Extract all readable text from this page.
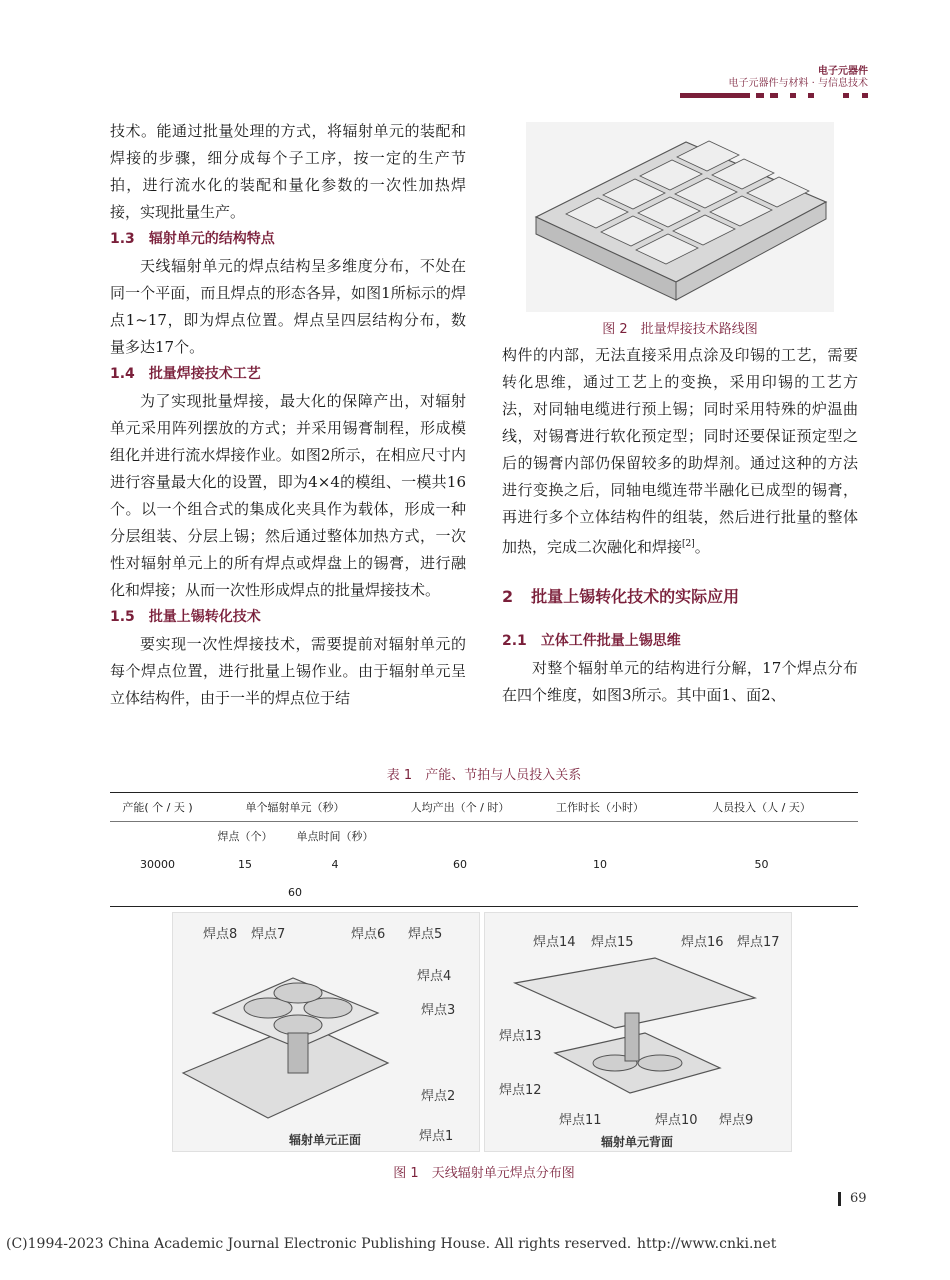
电子元器件
电子元器件与材料 · 与信息技术

技术。能通过批量处理的方式，将辐射单元的装配和焊接的步骤，细分成每个子工序，按一定的生产节拍，进行流水化的装配和量化参数的一次性加热焊接，实现批量生产。

1.3 辐射单元的结构特点

天线辐射单元的焊点结构呈多维度分布，不处在同一个平面，而且焊点的形态各异，如图1所标示的焊点1~17，即为焊点位置。焊点呈四层结构分布，数量多达17个。

1.4 批量焊接技术工艺

为了实现批量焊接，最大化的保障产出，对辐射单元采用阵列摆放的方式；并采用锡膏制程，形成模组化并进行流水焊接作业。如图2所示，在相应尺寸内进行容量最大化的设置，即为4×4的模组、一模共16个。以一个组合式的集成化夹具作为载体，形成一种分层组装、分层上锡；然后通过整体加热方式，一次性对辐射单元上的所有焊点或焊盘上的锡膏，进行融化和焊接；从而一次性形成焊点的批量焊接技术。

1.5 批量上锡转化技术

要实现一次性焊接技术，需要提前对辐射单元的每个焊点位置，进行批量上锡作业。由于辐射单元呈立体结构件，由于一半的焊点位于结

图 2　批量焊接技术路线图

构件的内部，无法直接采用点涂及印锡的工艺，需要转化思维，通过工艺上的变换，采用印锡的工艺方法，对同轴电缆进行预上锡；同时采用特殊的炉温曲线，对锡膏进行软化预定型；同时还要保证预定型之后的锡膏内部仍保留较多的助焊剂。通过这种的方法进行变换之后，同轴电缆连带半融化已成型的锡膏，再进行多个立体结构件的组装，然后进行批量的整体加热，完成二次融化和焊接[2]。

2 批量上锡转化技术的实际应用
2.1 立体工件批量上锡思维

对整个辐射单元的结构进行分解，17个焊点分布在四个维度，如图3所示。其中面1、面2、

表 1　产能、节拍与人员投入关系
产能( 个 / 天 )	单个辐射单元（秒）		人均产出（个 / 时）	工作时长（小时）	人员投入（人 / 天）
	焊点（个）	单点时间（秒）			
30000	15	4	60	10	50
	60				
焊点8 焊点7	焊点6 焊点5
焊点4
焊点3
焊点2
焊点1
辐射单元正面
焊点14 焊点15	焊点16 焊点17
焊点13
焊点12
焊点11	焊点10 焊点9
辐射单元背面
图 1　天线辐射单元焊点分布图
69
(C)1994-2023 China Academic Journal Electronic Publishing House. All rights reserved. http://www.cnki.net
